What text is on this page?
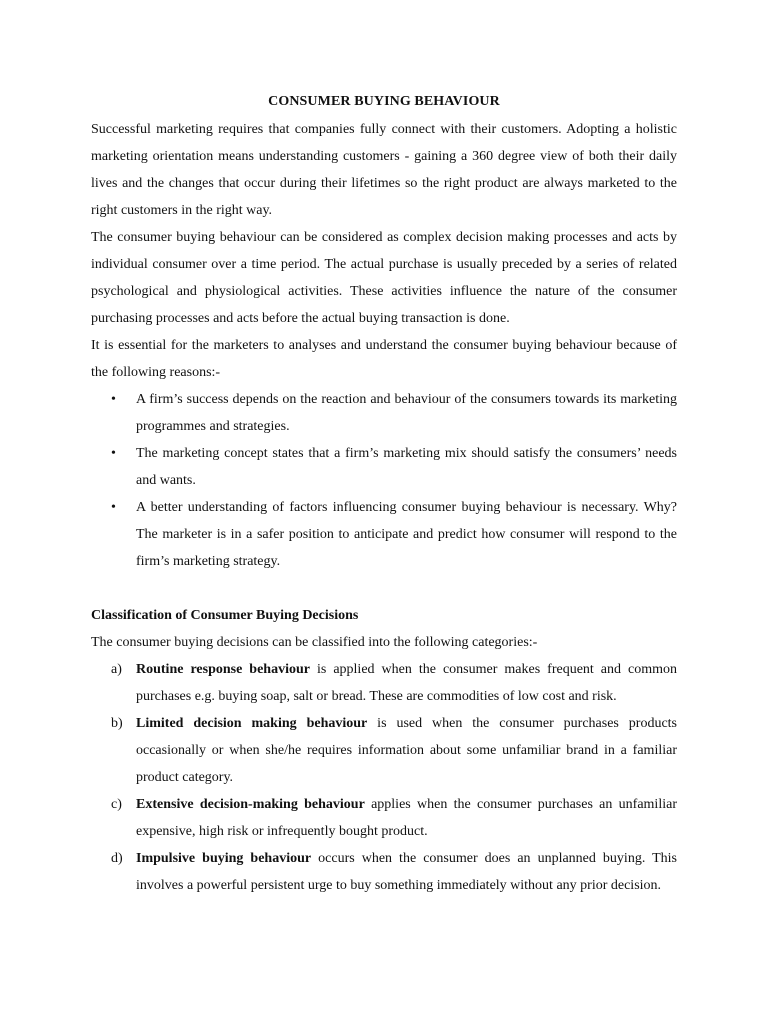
CONSUMER BUYING BEHAVIOUR

Successful marketing requires that companies fully connect with their customers. Adopting a holistic marketing orientation means understanding customers - gaining a 360 degree view of both their daily lives and the changes that occur during their lifetimes so the right product are always marketed to the right customers in the right way.

The consumer buying behaviour can be considered as complex decision making processes and acts by individual consumer over a time period. The actual purchase is usually preceded by a series of related psychological and physiological activities. These activities influence the nature of the consumer purchasing processes and acts before the actual buying transaction is done.

It is essential for the marketers to analyses and understand the consumer buying behaviour because of the following reasons:-

• A firm’s success depends on the reaction and behaviour of the consumers towards its marketing programmes and strategies.
• The marketing concept states that a firm’s marketing mix should satisfy the consumers’ needs and wants.
• A better understanding of factors influencing consumer buying behaviour is necessary. Why? The marketer is in a safer position to anticipate and predict how consumer will respond to the firm’s marketing strategy.

Classification of Consumer Buying Decisions

The consumer buying decisions can be classified into the following categories:-

a) Routine response behaviour is applied when the consumer makes frequent and common purchases e.g. buying soap, salt or bread. These are commodities of low cost and risk.
b) Limited decision making behaviour is used when the consumer purchases products occasionally or when she/he requires information about some unfamiliar brand in a familiar product category.
c) Extensive decision-making behaviour applies when the consumer purchases an unfamiliar expensive, high risk or infrequently bought product.
d) Impulsive buying behaviour occurs when the consumer does an unplanned buying. This involves a powerful persistent urge to buy something immediately without any prior decision.
